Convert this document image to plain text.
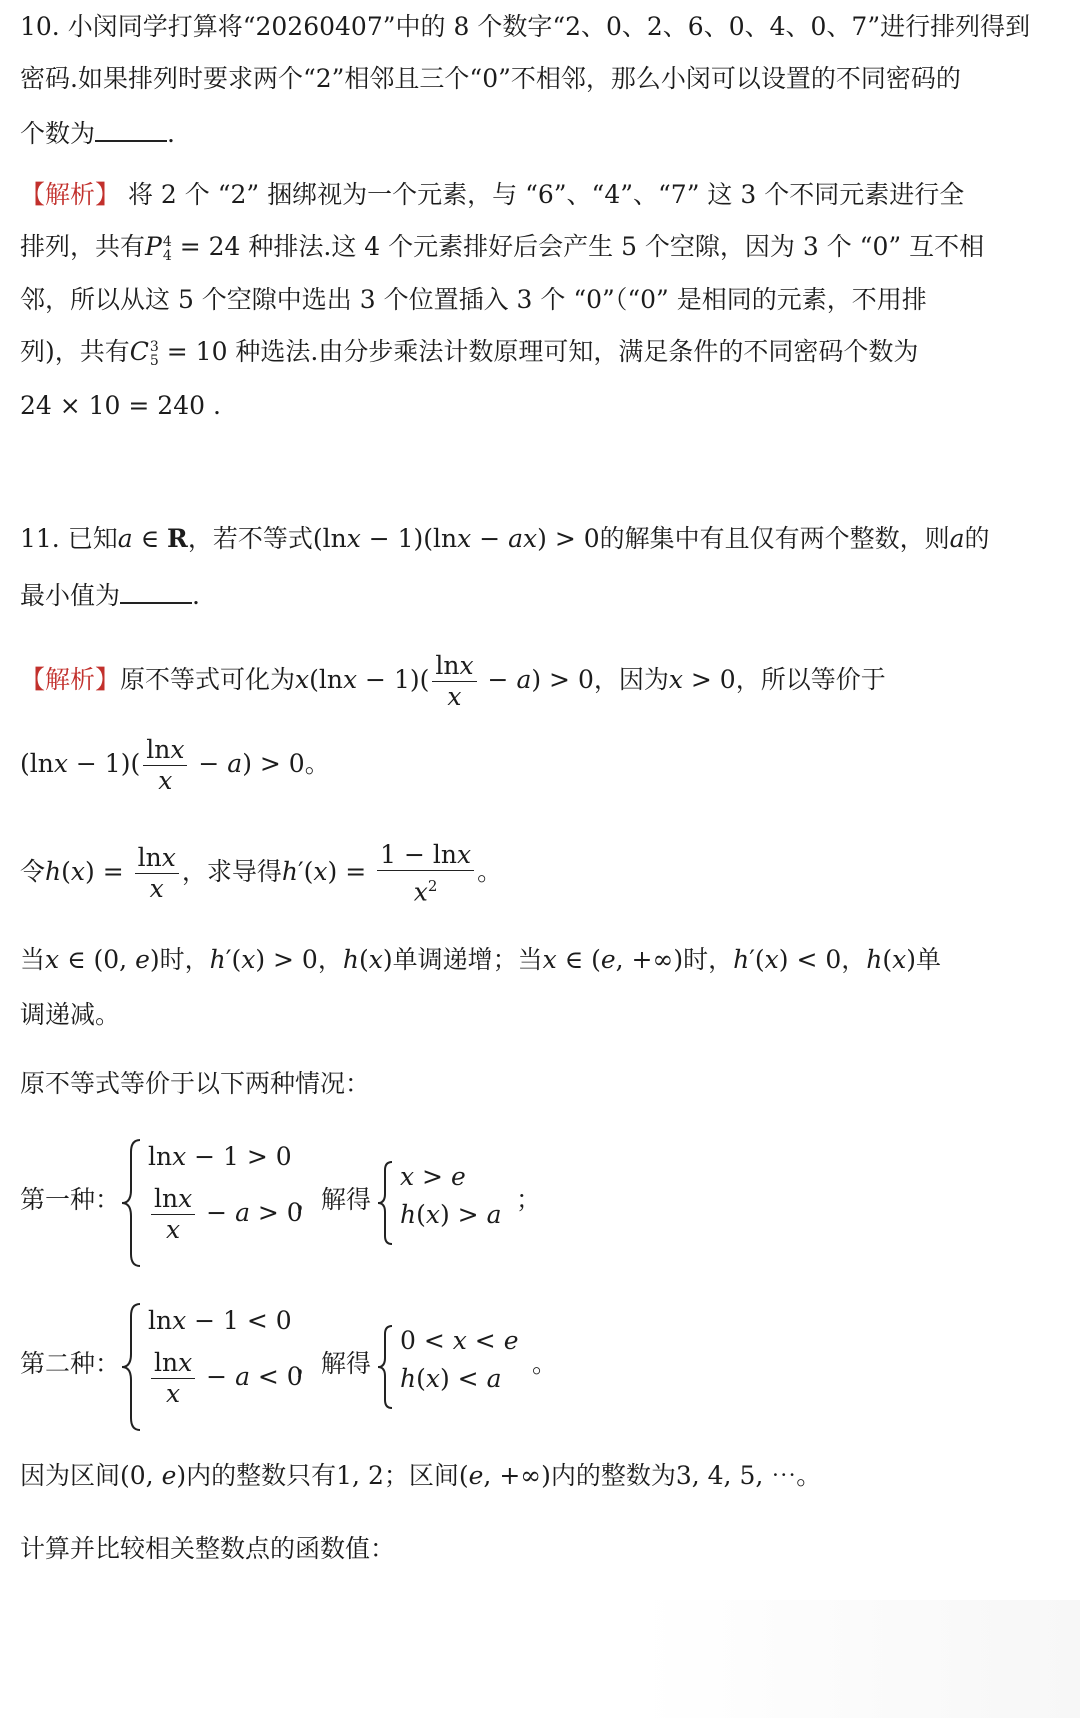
10. 小闵同学打算将“20260407”中的 8 个数字“2、0、2、6、0、4、0、7”进行排列得到
密码.如果排列时要求两个“2”相邻且三个“0”不相邻，那么小闵可以设置的不同密码的
个数为	.
【解析】 将 2 个 “2” 捆绑视为一个元素，与 “6”、“4”、“7” 这 3 个不同元素进行全
排列，共有P 4
4 = 24 种排法.这 4 个元素排好后会产生 5 个空隙，因为 3 个 “0” 互不相
邻，所以从这 5 个空隙中选出 3 个位置插入 3 个 “0”（“0” 是相同的元素，不用排
列)，共有C 3
5 = 10 种选法.由分步乘法计数原理可知，满足条件的不同密码个数为
24 × 10 = 240 .
11. 已知a ∈ R，若不等式(lnx − 1)(lnx − ax) > 0的解集中有且仅有两个整数，则a的
最小值为	.
【解析】原不等式可化为$x(\ln x - 1)( \frac{\ln x}{x} - a) > 0$，因为x > 0，所以等价于
$(\ln x - 1)( \frac{\ln x}{x} - a) > 0$。
令$h(x) = \frac{\ln x}{x}$ ，求导得$h'(x) = \frac{1 - \ln x}{x^2}$ 。
当x ∈ (0, e)时，h′(x) > 0，h(x)单调递增；当x ∈ (e, +∞)时，h′(x) < 0，h(x)单
调递减。
原不等式等价于以下两种情况：
第一种：
lnx − 1 > 0
$\frac{\ln x}{x} - a > 0$
，解得
x > e
h(x) > a
；
第二种：
lnx − 1 < 0
$\frac{\ln x}{x} - a < 0$
，解得
0 < x < e
h(x) < a
。
因为区间(0, e)内的整数只有1, 2；区间(e, +∞)内的整数为3, 4, 5, ⋯。
计算并比较相关整数点的函数值：
